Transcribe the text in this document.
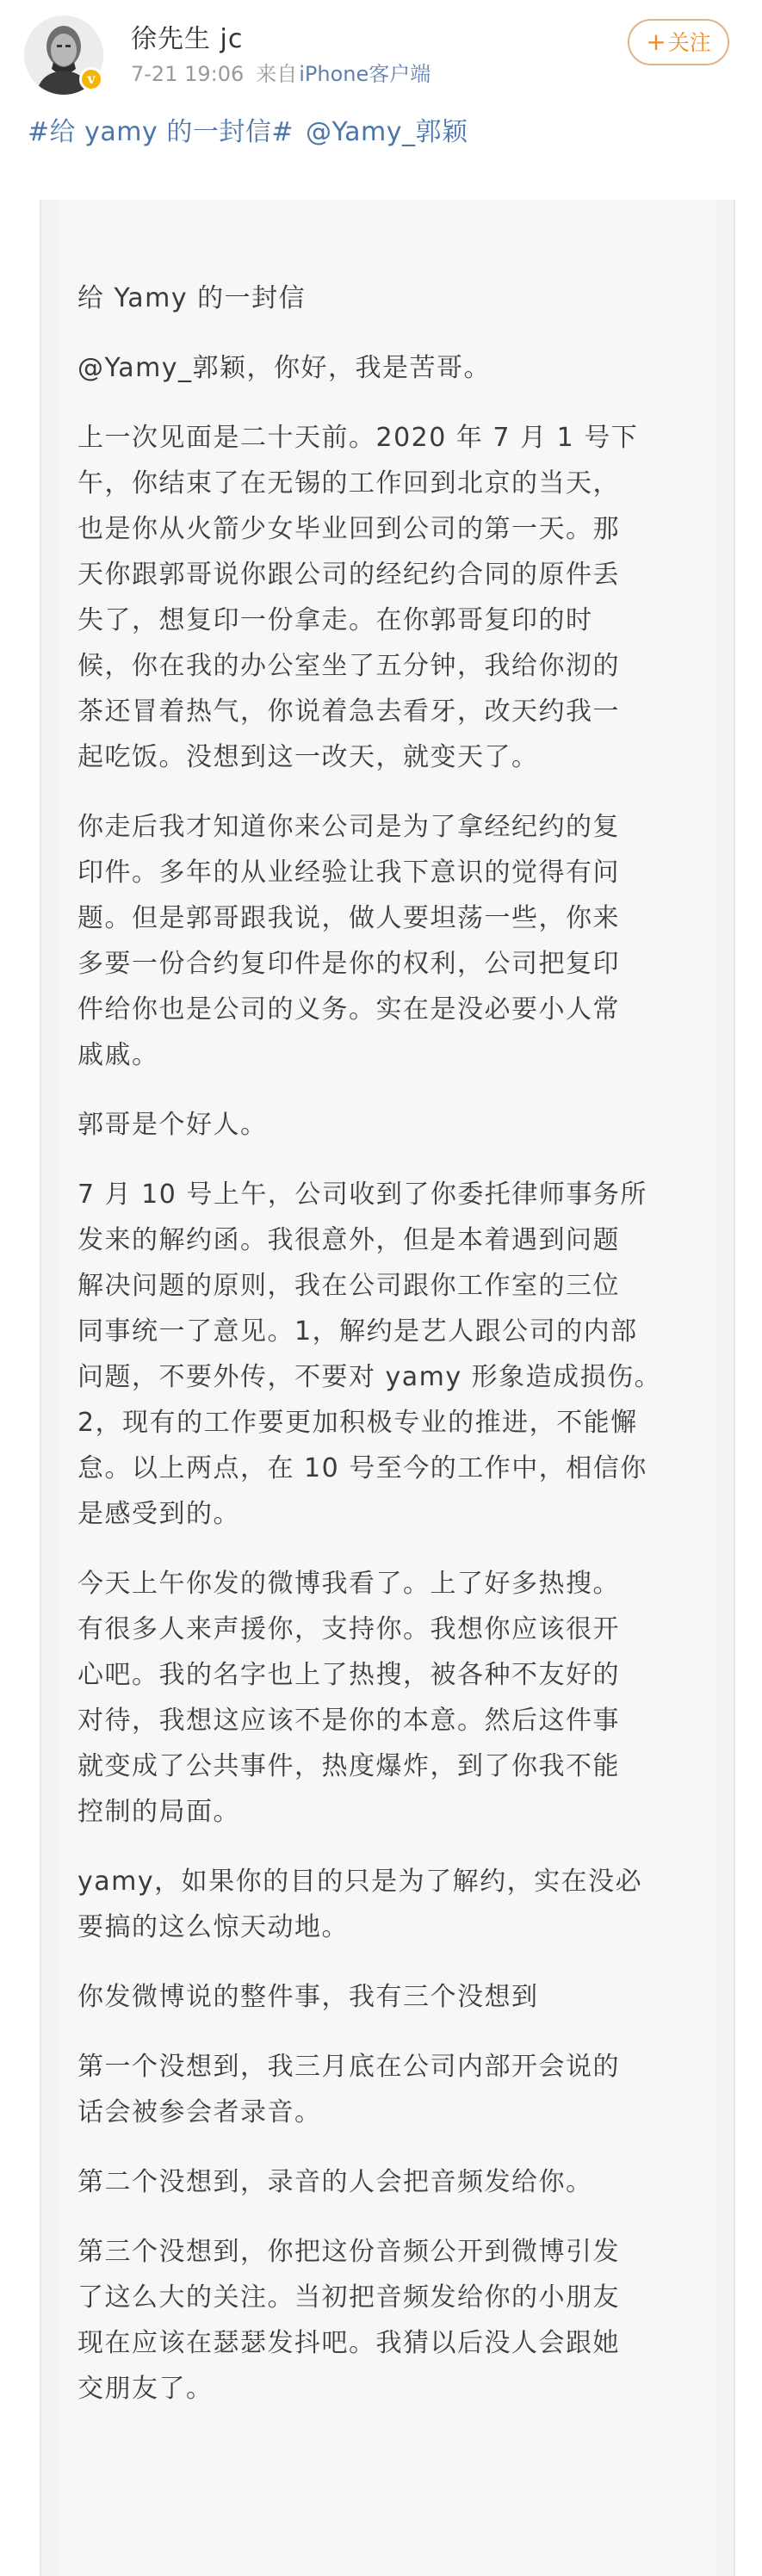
v
徐先生 jc
7-21 19:06 来自iPhone客户端
+关注
#给 yamy 的一封信# @Yamy_郭颖

给 Yamy 的一封信

@Yamy_郭颖，你好，我是苦哥。

上一次见面是二十天前。2020 年 7 月 1 号下
午，你结束了在无锡的工作回到北京的当天，
也是你从火箭少女毕业回到公司的第一天。那
天你跟郭哥说你跟公司的经纪约合同的原件丢
失了，想复印一份拿走。在你郭哥复印的时
候，你在我的办公室坐了五分钟，我给你沏的
茶还冒着热气，你说着急去看牙，改天约我一
起吃饭。没想到这一改天，就变天了。

你走后我才知道你来公司是为了拿经纪约的复
印件。多年的从业经验让我下意识的觉得有问
题。但是郭哥跟我说，做人要坦荡一些，你来
多要一份合约复印件是你的权利，公司把复印
件给你也是公司的义务。实在是没必要小人常
戚戚。

郭哥是个好人。

7 月 10 号上午，公司收到了你委托律师事务所
发来的解约函。我很意外，但是本着遇到问题
解决问题的原则，我在公司跟你工作室的三位
同事统一了意见。1，解约是艺人跟公司的内部
问题，不要外传，不要对 yamy 形象造成损伤。
2，现有的工作要更加积极专业的推进，不能懈
怠。以上两点，在 10 号至今的工作中，相信你
是感受到的。

今天上午你发的微博我看了。上了好多热搜。
有很多人来声援你，支持你。我想你应该很开
心吧。我的名字也上了热搜，被各种不友好的
对待，我想这应该不是你的本意。然后这件事
就变成了公共事件，热度爆炸，到了你我不能
控制的局面。

yamy，如果你的目的只是为了解约，实在没必
要搞的这么惊天动地。

你发微博说的整件事，我有三个没想到

第一个没想到，我三月底在公司内部开会说的
话会被参会者录音。

第二个没想到，录音的人会把音频发给你。

第三个没想到，你把这份音频公开到微博引发
了这么大的关注。当初把音频发给你的小朋友
现在应该在瑟瑟发抖吧。我猜以后没人会跟她
交朋友了。
